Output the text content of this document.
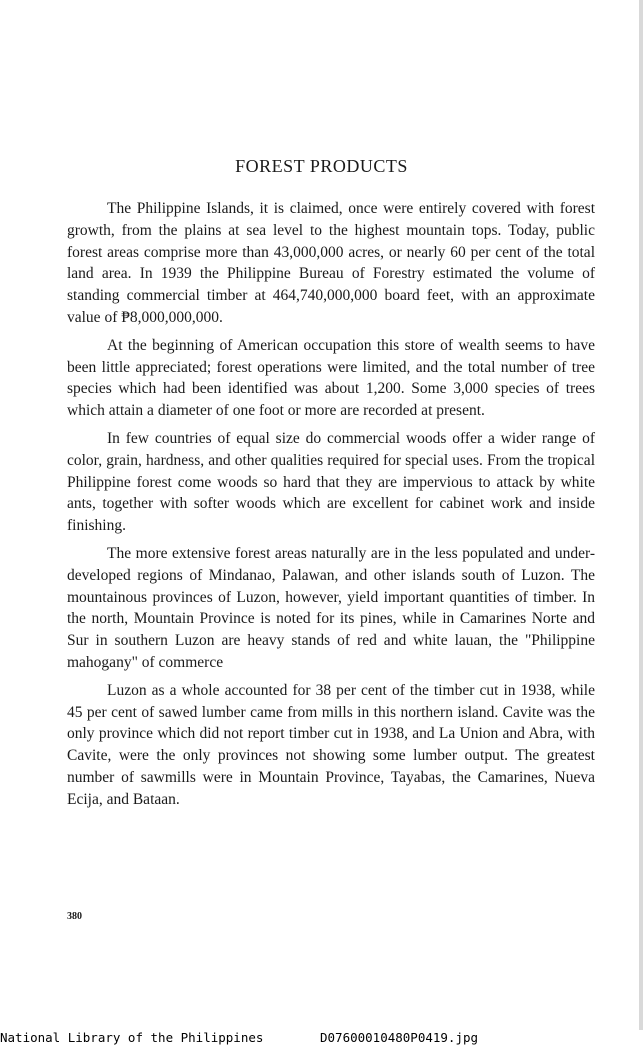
FOREST PRODUCTS

The Philippine Islands, it is claimed, once were entirely covered with forest growth, from the plains at sea level to the highest mountain tops. Today, public forest areas comprise more than 43,000,000 acres, or nearly 60 per cent of the total land area. In 1939 the Philippine Bureau of Forestry estimated the volume of standing commercial timber at 464,740,000,000 board feet, with an approximate value of ₱8,000,000,000.

At the beginning of American occupation this store of wealth seems to have been little appreciated; forest operations were limited, and the total number of tree species which had been identified was about 1,200. Some 3,000 species of trees which attain a diameter of one foot or more are recorded at present.

In few countries of equal size do commercial woods offer a wider range of color, grain, hardness, and other qualities required for special uses. From the tropical Philippine forest come woods so hard that they are impervious to attack by white ants, together with softer woods which are excellent for cabinet work and inside finishing.

The more extensive forest areas naturally are in the less populated and under-developed regions of Mindanao, Palawan, and other islands south of Luzon. The mountainous provinces of Luzon, however, yield important quantities of timber. In the north, Mountain Province is noted for its pines, while in Camarines Norte and Sur in southern Luzon are heavy stands of red and white lauan, the "Philippine mahogany" of commerce

Luzon as a whole accounted for 38 per cent of the timber cut in 1938, while 45 per cent of sawed lumber came from mills in this northern island. Cavite was the only province which did not report timber cut in 1938, and La Union and Abra, with Cavite, were the only provinces not showing some lumber output. The greatest number of sawmills were in Mountain Province, Tayabas, the Camarines, Nueva Ecija, and Bataan.

380
National Library of the Philippines	D07600010480P0419.jpg
